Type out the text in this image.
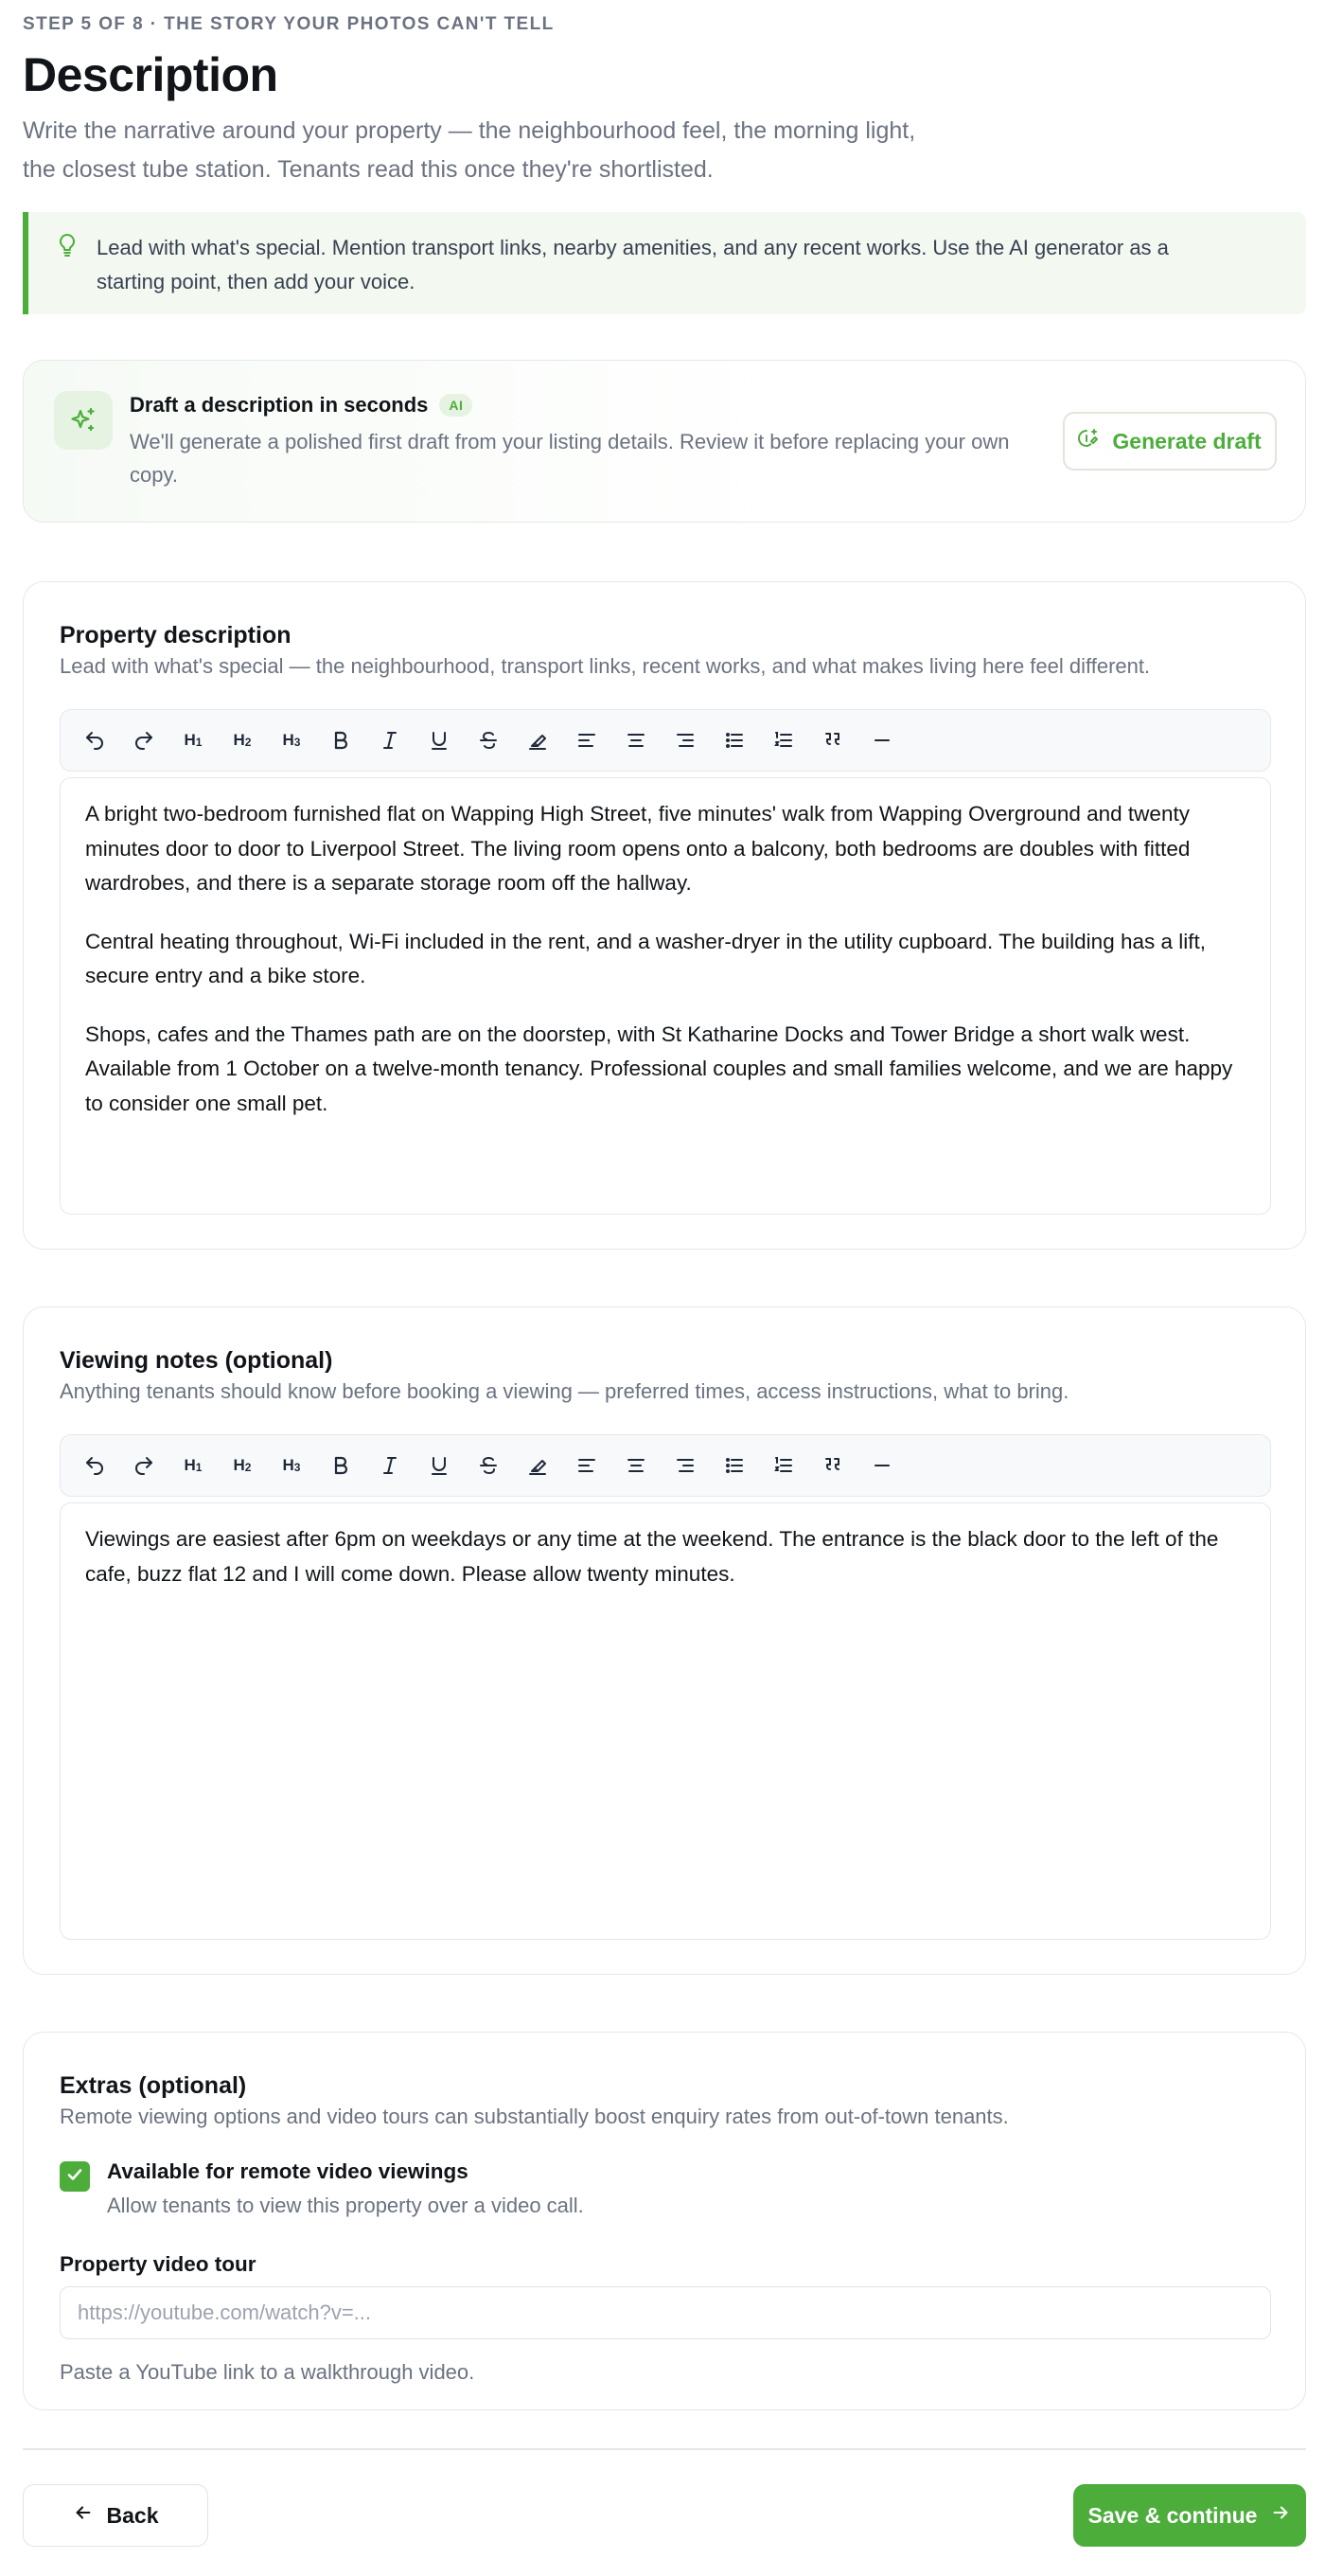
STEP 5 OF 8 · THE STORY YOUR PHOTOS CAN'T TELL
Description
Write the narrative around your property — the neighbourhood feel, the morning light,
the closest tube station. Tenants read this once they're shortlisted.
Lead with what's special. Mention transport links, nearby amenities, and any recent works. Use the AI generator as a starting point, then add your voice.
Draft a description in seconds	AI
We'll generate a polished first draft from your listing details. Review it before replacing your own copy.
Generate draft
Property description
Lead with what's special — the neighbourhood, transport links, recent works, and what makes living here feel different.
$H_1$ $H_2$ $H_3$

A bright two-bedroom furnished flat on Wapping High Street, five minutes' walk from Wapping Overground and twenty minutes door to door to Liverpool Street. The living room opens onto a balcony, both bedrooms are doubles with fitted wardrobes, and there is a separate storage room off the hallway.

Central heating throughout, Wi-Fi included in the rent, and a washer-dryer in the utility cupboard. The building has a lift, secure entry and a bike store.

Shops, cafes and the Thames path are on the doorstep, with St Katharine Docks and Tower Bridge a short walk west. Available from 1 October on a twelve-month tenancy. Professional couples and small families welcome, and we are happy to consider one small pet.

Viewing notes (optional)
Anything tenants should know before booking a viewing — preferred times, access instructions, what to bring.
$H_1$ $H_2$ $H_3$

Viewings are easiest after 6pm on weekdays or any time at the weekend. The entrance is the black door to the left of the cafe, buzz flat 12 and I will come down. Please allow twenty minutes.

Extras (optional)
Remote viewing options and video tours can substantially boost enquiry rates from out-of-town tenants.
Available for remote video viewings
Allow tenants to view this property over a video call.
Property video tour
https://youtube.com/watch?v=...
Paste a YouTube link to a walkthrough video.
Back	Save & continue
